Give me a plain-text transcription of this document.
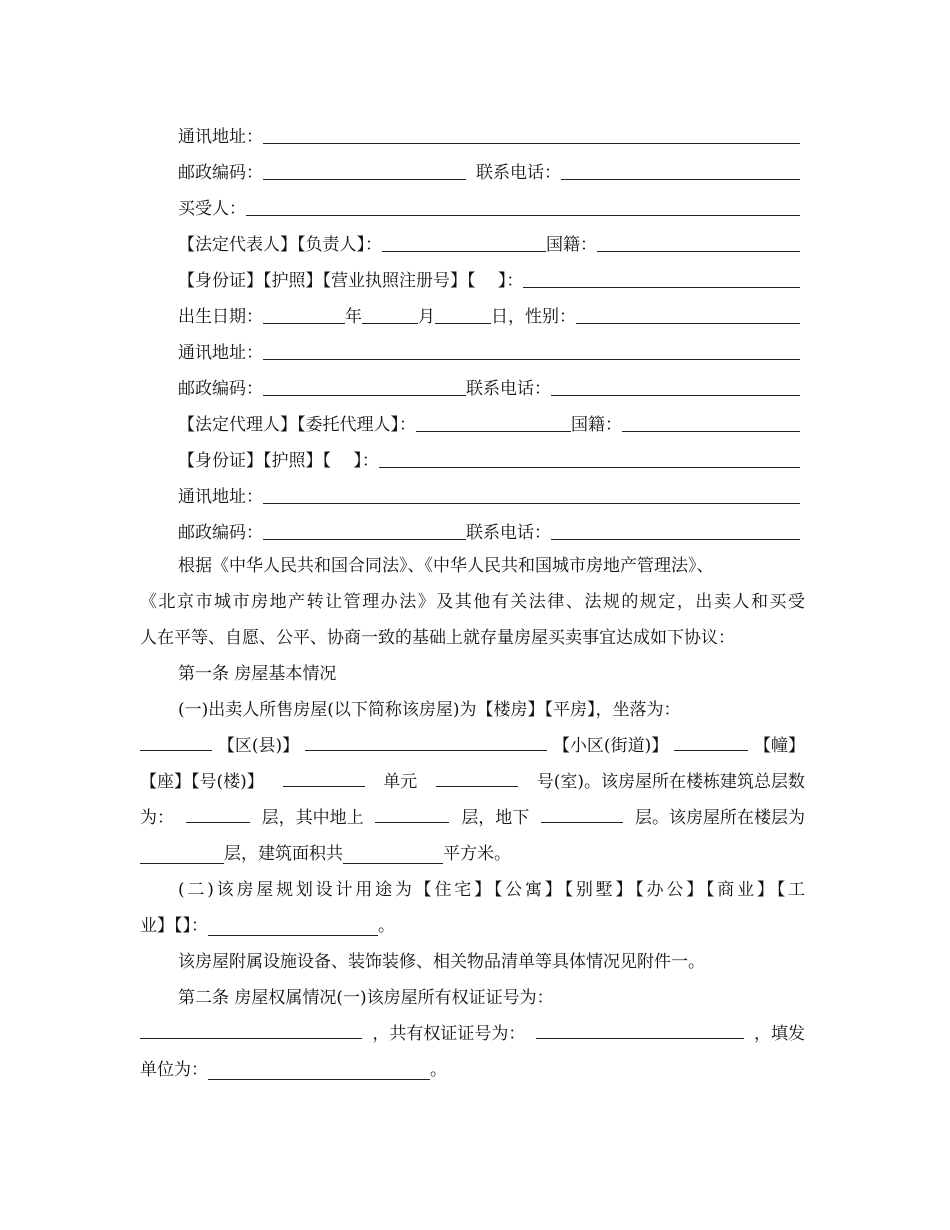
通讯地址：
邮政编码：	联系电话：
买受人：
【法定代表人】【负责人】：	国籍：
【身份证】【护照】【营业执照注册号】【　 】：
出生日期：	年	月	日，性别：
通讯地址：
邮政编码：	联系电话：
【法定代理人】【委托代理人】：	国籍：
【身份证】【护照】【　 】：
通讯地址：
邮政编码：	联系电话：
根据《中华人民共和国合同法》、《中华人民共和国城市房地产管理法》、
《北京市城市房地产转让管理办法》及其他有关法律、法规的规定，出卖人和买受
人在平等、自愿、公平、协商一致的基础上就存量房屋买卖事宜达成如下协议：
第一条 房屋基本情况
(一)出卖人所售房屋(以下简称该房屋)为【楼房】【平房】，坐落为：
【区(县)】	【小区(街道)】	【幢】
【座】【号(楼)】	单元	号(室)。该房屋所在楼栋建筑总层数
为：	层，其中地上	层，地下	层。该房屋所在楼层为
层，建筑面积共	平方米。
(二)该房屋规划设计用途为【住宅】【公寓】【别墅】【办公】【商业】【工
业】【】：	。
该房屋附属设施设备、装饰装修、相关物品清单等具体情况见附件一。
第二条 房屋权属情况(一)该房屋所有权证证号为：
，共有权证证号为：	，填发
单位为：	。
